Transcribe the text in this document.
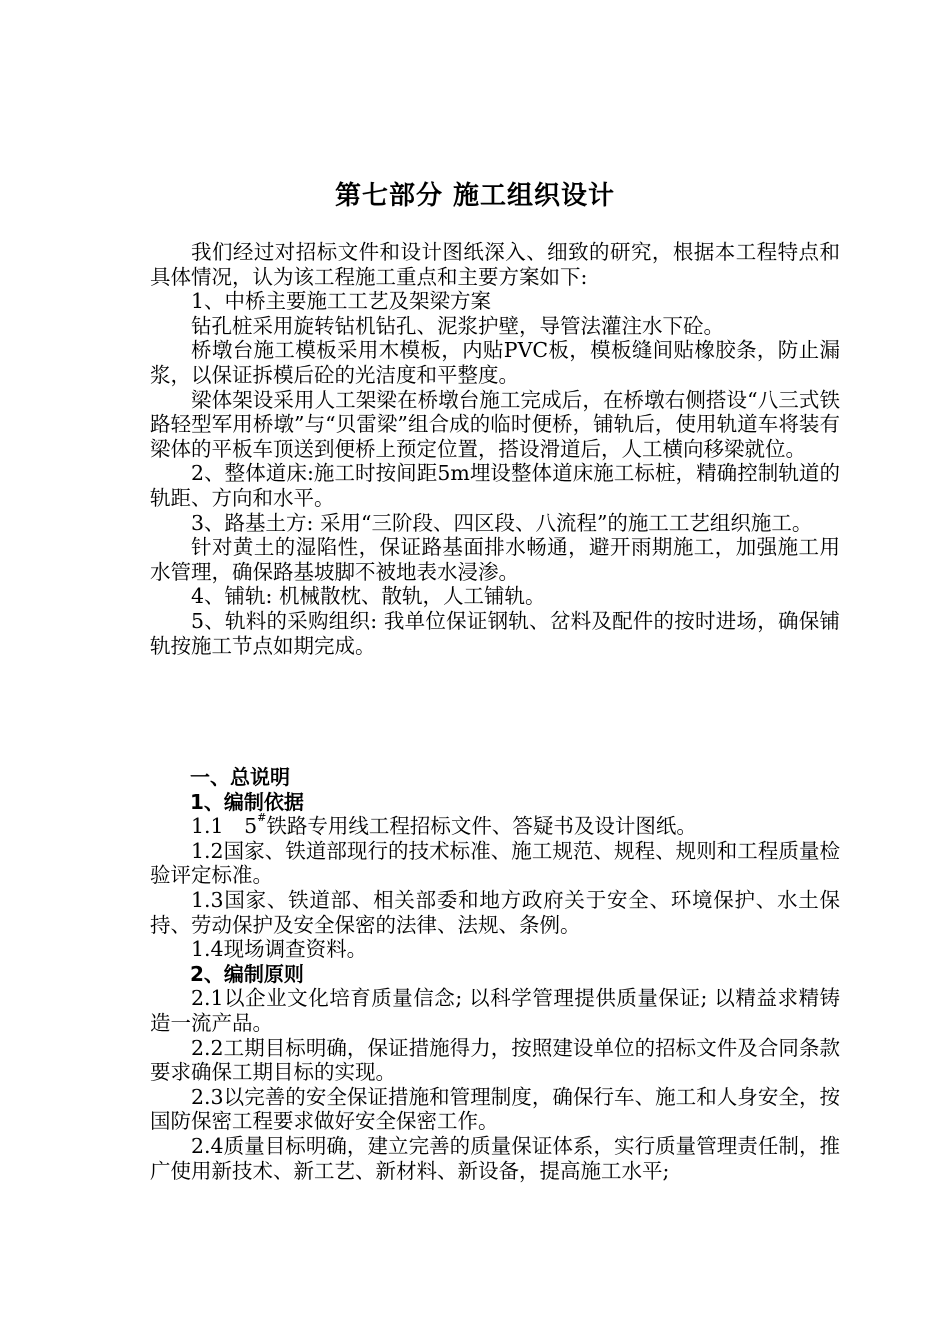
第七部分 施工组织设计

我们经过对招标文件和设计图纸深入、细致的研究，根据本工程特点和具体情况，认为该工程施工重点和主要方案如下:

1、中桥主要施工工艺及架梁方案

钻孔桩采用旋转钻机钻孔、泥浆护壁，导管法灌注水下砼。

桥墩台施工模板采用木模板，内贴PVC板，模板缝间贴橡胶条，防止漏浆，以保证拆模后砼的光洁度和平整度。

梁体架设采用人工架梁在桥墩台施工完成后，在桥墩右侧搭设“八三式铁路轻型军用桥墩”与“贝雷梁”组合成的临时便桥，铺轨后，使用轨道车将装有梁体的平板车顶送到便桥上预定位置，搭设滑道后，人工横向移梁就位。

2、整体道床:施工时按间距5m埋设整体道床施工标桩，精确控制轨道的轨距、方向和水平。

3、路基土方: 采用“三阶段、四区段、八流程”的施工工艺组织施工。

针对黄土的湿陷性，保证路基面排水畅通，避开雨期施工，加强施工用水管理，确保路基坡脚不被地表水浸渗。

4、铺轨: 机械散枕、散轨，人工铺轨。

5、轨料的采购组织: 我单位保证钢轨、岔料及配件的按时进场，确保铺轨按施工节点如期完成。

一、总说明

1、编制依据

1.1　5#铁路专用线工程招标文件、答疑书及设计图纸。

1.2国家、铁道部现行的技术标准、施工规范、规程、规则和工程质量检验评定标准。

1.3国家、铁道部、相关部委和地方政府关于安全、环境保护、水土保持、劳动保护及安全保密的法律、法规、条例。

1.4现场调查资料。

2、编制原则

2.1以企业文化培育质量信念; 以科学管理提供质量保证; 以精益求精铸造一流产品。

2.2工期目标明确，保证措施得力，按照建设单位的招标文件及合同条款要求确保工期目标的实现。

2.3以完善的安全保证措施和管理制度，确保行车、施工和人身安全，按国防保密工程要求做好安全保密工作。

2.4质量目标明确，建立完善的质量保证体系，实行质量管理责任制，推广使用新技术、新工艺、新材料、新设备，提高施工水平;
